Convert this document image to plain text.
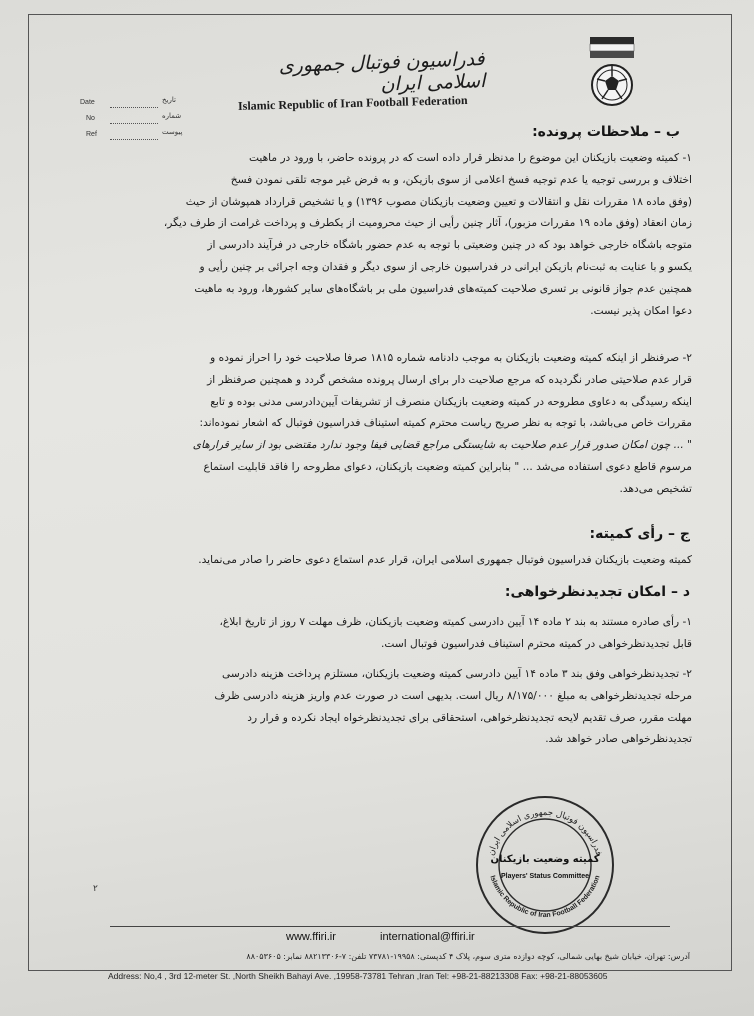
فدراسیون فوتبال جمهوری اسلامی ایران
Islamic Republic of Iran Football Federation
Date	تاریخ
No	شماره
Ref	پیوست	ب – ملاحظات پرونده:
۱- کمیته وضعیت بازیکنان این موضوع را مدنظر قرار داده است که در پرونده حاضر، با ورود در ماهیت
اختلاف و بررسی توجیه یا عدم توجیه فسخ اعلامی از سوی بازیکن، و به فرض غیر موجه تلقی نمودن فسخ
(وفق ماده ۱۸ مقررات نقل و انتقالات و تعیین وضعیت بازیکنان مصوب ۱۳۹۶) و یا تشخیص قرارداد همپوشان از حیث
زمان انعقاد (وفق ماده ۱۹ مقررات مزبور)، آثار چنین رأیی از حیث محرومیت از یکطرف و پرداخت غرامت از طرف دیگر،
متوجه باشگاه خارجی خواهد بود که در چنین وضعیتی با توجه به عدم حضور باشگاه خارجی در فرآیند دادرسی از
یکسو و با عنایت به ثبت‌نام بازیکن ایرانی در فدراسیون خارجی از سوی دیگر و فقدان وجه اجرائی بر چنین رأیی و
همچنین عدم جواز قانونی بر تسری صلاحیت کمیته‌های فدراسیون ملی بر باشگاه‌های سایر کشورها، ورود به ماهیت
دعوا امکان پذیر نیست.
۲- صرفنظر از اینکه کمیته وضعیت بازیکنان به موجب دادنامه شماره ۱۸۱۵ صرفا صلاحیت خود را احراز نموده و
قرار عدم صلاحیتی صادر نگردیده که مرجع صلاحیت دار برای ارسال پرونده مشخص گردد و همچنین صرفنظر از
اینکه رسیدگی به دعاوی مطروحه در کمیته وضعیت بازیکنان منصرف از تشریفات آیین‌دادرسی مدنی بوده و تابع
مقررات خاص می‌باشد، با توجه به نظر صریح ریاست محترم کمیته استیناف فدراسیون فوتبال که اشعار نموده‌اند:
" ... چون امکان صدور قرار عدم صلاحیت به شایستگی مراجع قضایی فیفا وجود ندارد مقتضی بود از سایر قرارهای
مرسوم قاطع دعوی استفاده می‌شد ... " بنابراین کمیته وضعیت بازیکنان، دعوای مطروحه را فاقد قابلیت استماع
تشخیص می‌دهد.
ج – رأی کمیته:
کمیته وضعیت بازیکنان فدراسیون فوتبال جمهوری اسلامی ایران، قرار عدم استماع دعوی حاضر را صادر می‌نماید.
د – امکان تجدیدنظرخواهی:
۱- رأی صادره مستند به بند ۲ ماده ۱۴ آیین دادرسی کمیته وضعیت بازیکنان، ظرف مهلت ۷ روز از تاریخ ابلاغ،
قابل تجدیدنظرخواهی در کمیته محترم استیناف فدراسیون فوتبال است.
۲- تجدیدنظرخواهی وفق بند ۳ ماده ۱۴ آیین دادرسی کمیته وضعیت بازیکنان، مستلزم پرداخت هزینه دادرسی
مرحله تجدیدنظرخواهی به مبلغ ۸/۱۷۵/۰۰۰ ریال است. بدیهی است در صورت عدم واریز هزینه دادرسی ظرف
مهلت مقرر، صرف تقدیم لایحه تجدیدنظرخواهی، استحقاقی برای تجدیدنظرخواه ایجاد نکرده و قرار رد
تجدیدنظرخواهی صادر خواهد شد.
فدراسیون فوتبال جمهوری اسلامی ایران
Islamic Republic of Iran Football Federation
کمیته وضعیت بازیکنان
Players' Status Committee
۲
www.ffiri.ir	international@ffiri.ir
آدرس: تهران، خیابان شیخ بهایی شمالی، کوچه دوازده متری سوم، پلاک ۴ کدپستی: ۱۹۹۵۸-۷۳۷۸۱ تلفن: ۷-۸۸۲۱۳۳۰۶ نمابر: ۸۸۰۵۳۶۰۵
Address: No,4 , 3rd 12-meter St. ,North Sheikh Bahayi Ave. ,19958-73781 Tehran ,Iran Tel: +98-21-88213308 Fax: +98-21-88053605
